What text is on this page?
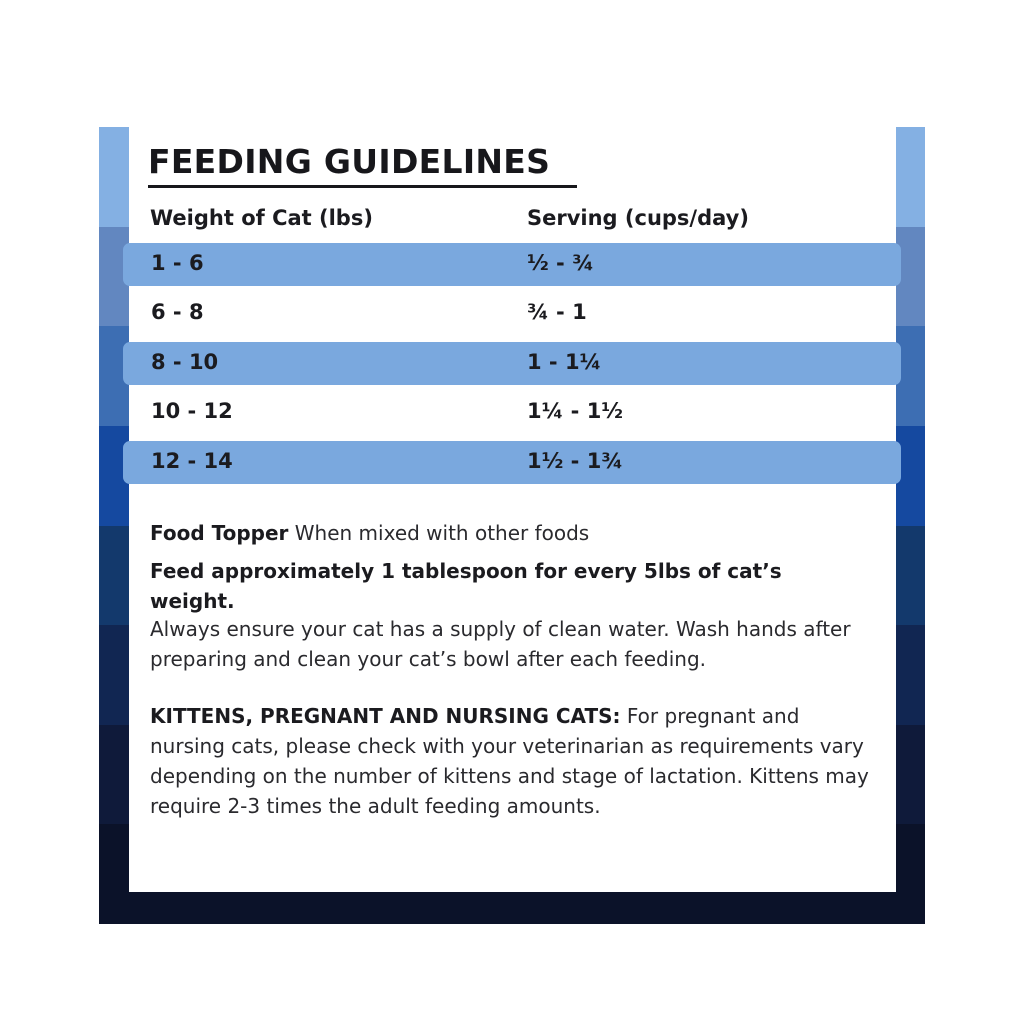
FEEDING GUIDELINES
Weight of Cat (lbs)	Serving (cups/day)
1 - 6	½ - ¾
6 - 8	¾ - 1
8 - 10	1 - 1¼
10 - 12	1¼ - 1½
12 - 14	1½ - 1¾

Food Topper When mixed with other foods

Feed approximately 1 tablespoon for every 5lbs of cat’s weight.

Always ensure your cat has a supply of clean water. Wash hands after preparing and clean your cat’s bowl after each feeding.

KITTENS, PREGNANT AND NURSING CATS: For pregnant and nursing cats, please check with your veterinarian as requirements vary depending on the number of kittens and stage of lactation. Kittens may require 2-3 times the adult feeding amounts.
